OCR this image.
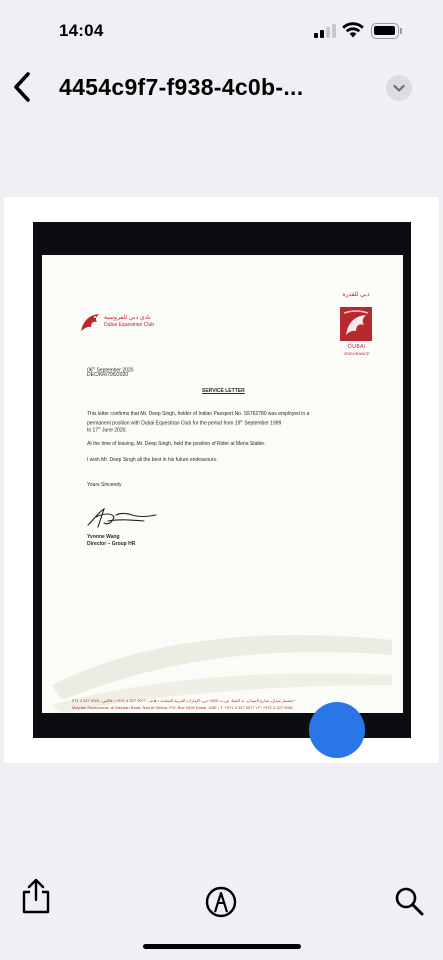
14:04
4454c9f7-f938-4c0b-...
نادي دبي للفروسية
Dubai Equestrian Club
دبي للقدرة
DUBAI
ENDURANCE
06th September 2020
DEC/KR/796/2020
SERVICE LETTER
This letter confirms that Mr. Deep Singh, holder of Indian Passport No. S5762780 was employed in a
permanent position with Dubai Equestrian Club for the period from 19th September 1999
to 17th June 2020.
At the time of leaving, Mr. Deep Singh, held the position of Rider at Mena Stable.
I wish Mr. Deep Singh all the best in his future endeavours.
Yours Sincerely
Yvonne Wang
Director – Group HR
مضمار ميدان، شارع الميدان، ند الشبا، ص.ب 9305 دبي، الإمارات العربية المتحدة • هاتف: 0077 327 4 971+ • فاكس: 0091 327 4 971+
Meydan Racecourse, Al Meydan Road, Nad Al Sheba, P.O. Box 9305 Dubai, UAE • T: +971 4 327 0077 • F: +971 4 327 0091
